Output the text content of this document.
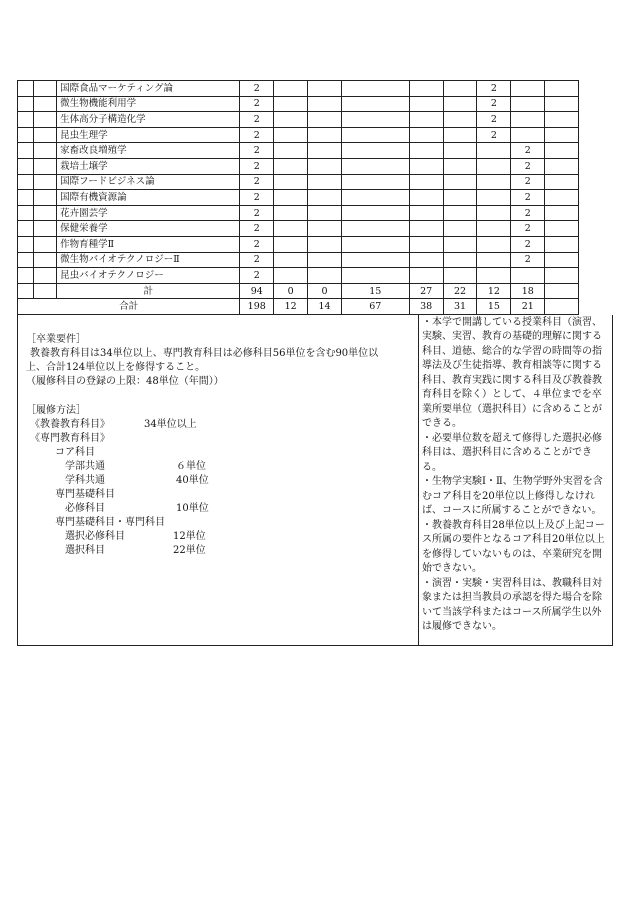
		国際食品マーケティング論	2						2		
		微生物機能利用学	2						2		
		生体高分子構造化学	2						2		
		昆虫生理学	2						2		
		家畜改良増殖学	2							2	
		栽培土壌学	2							2	
		国際フードビジネス論	2							2	
		国際有機資源論	2							2	
		花卉園芸学	2							2	
		保健栄養学	2							2	
		作物育種学Ⅱ	2							2	
		微生物バイオテクノロジーⅡ	2							2	
		昆虫バイオテクノロジー	2								
		計	94	0	0	15	27	22	12	18	
合計			198	12	14	67	38	31	15	21	
［卒業要件］
教養教育科目は34単位以上、専門教育科目は必修科目56単位を含む90単位以
上、合計124単位以上を修得すること。
（履修科目の登録の上限：48単位（年間））
［履修方法］
《教養教育科目》	34単位以上
《専門教育科目》
コア科目
学部共通	６単位
学科共通	40単位
専門基礎科目
必修科目	10単位
専門基礎科目・専門科目
選択必修科目	12単位
選択科目	22単位

・本学で開講している授業科目（演習、実験、実習、教育の基礎的理解に関する科目、道徳、総合的な学習の時間等の指導法及び生徒指導、教育相談等に関する科目、教育実践に関する科目及び教養教育科目を除く）として、４単位までを卒業所要単位（選択科目）に含めることができる。

・必要単位数を超えて修得した選択必修科目は、選択科目に含めることができる。

・生物学実験Ⅰ・Ⅱ、生物学野外実習を含むコア科目を20単位以上修得しなければ、コースに所属することができない。

・教養教育科目28単位以上及び上記コース所属の要件となるコア科目20単位以上を修得していないものは、卒業研究を開始できない。

・演習・実験・実習科目は、教職科目対象または担当教員の承認を得た場合を除いて当該学科またはコース所属学生以外は履修できない。
